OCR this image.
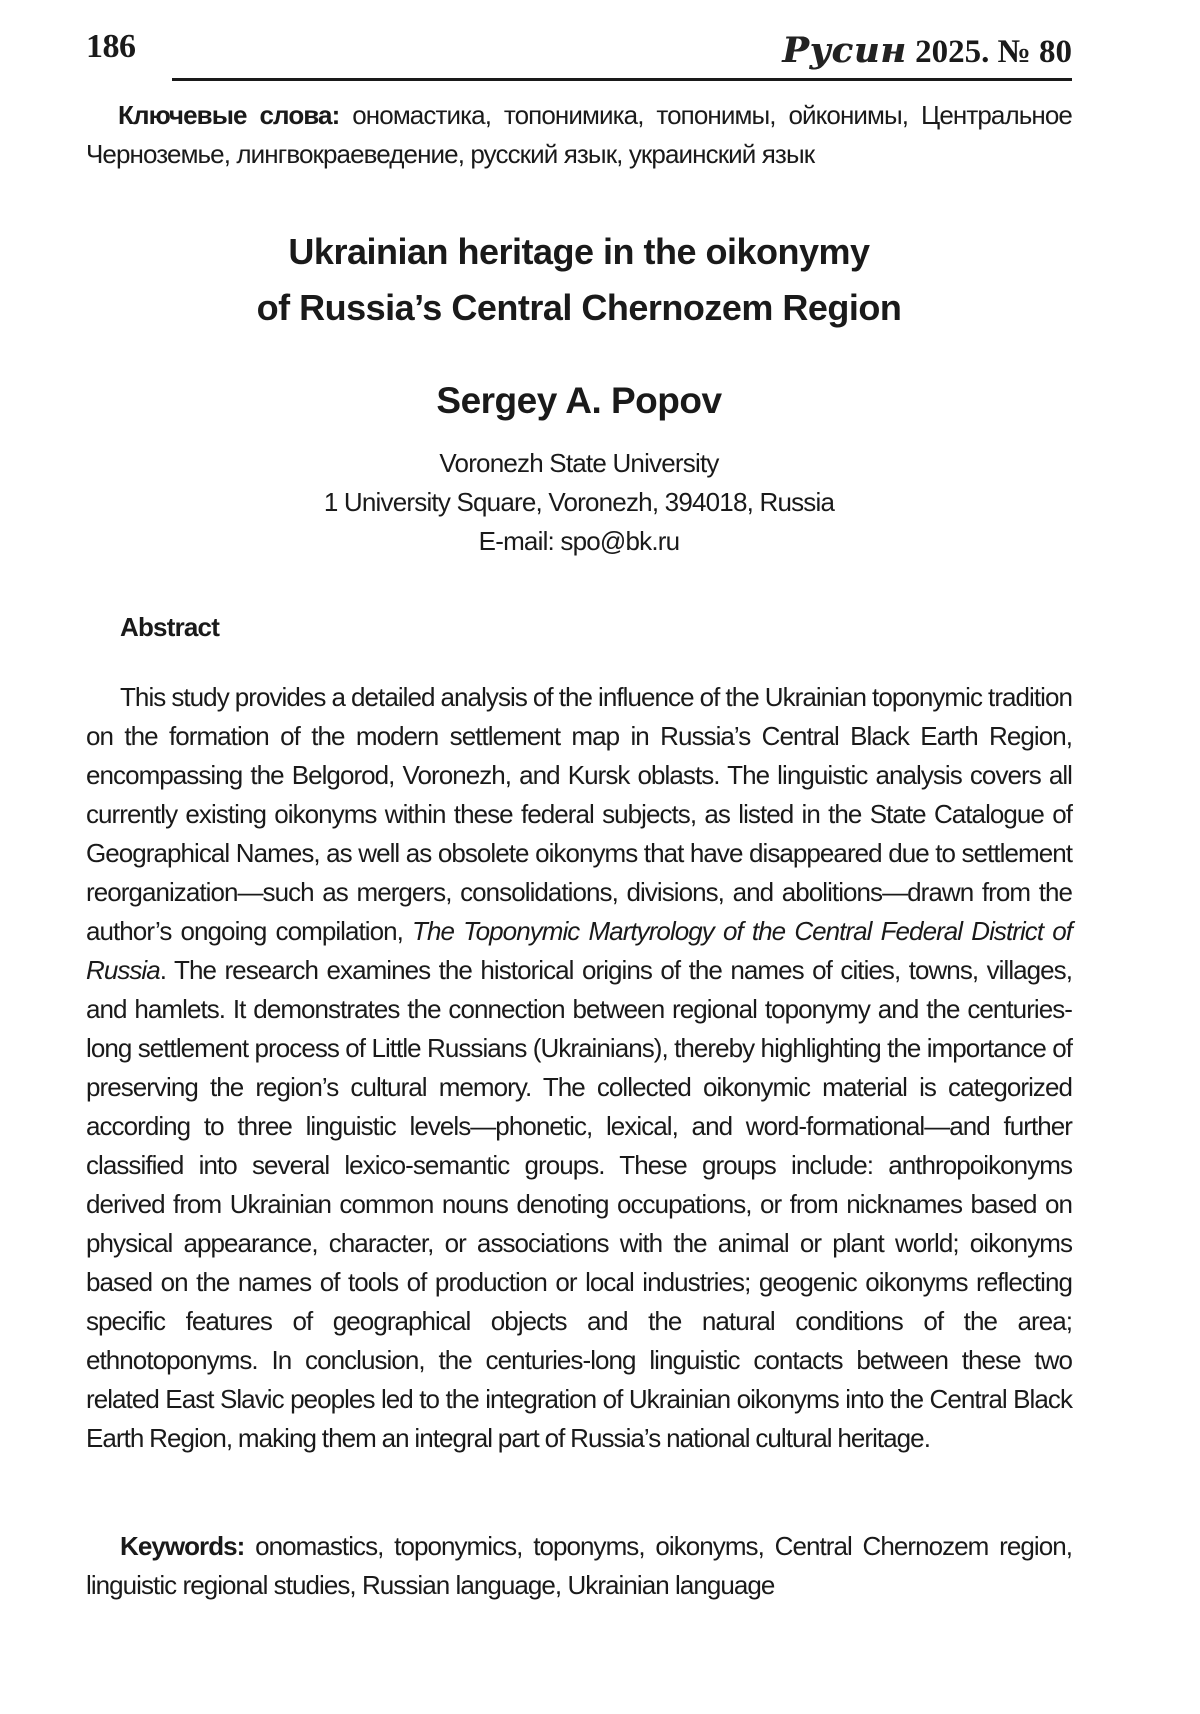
186	Русин 2025. № 80

Ключевые слова: ономастика, топонимика, топонимы, ойконимы, Центральное Черноземье, лингвокраеведение, русский язык, украинский язык

Ukrainian heritage in the oikonymy
of Russia’s Central Chernozem Region
Sergey A. Popov
Voronezh State University
1 University Square, Voronezh, 394018, Russia
E-mail: spo@bk.ru
Abstract

This study provides a detailed analysis of the influence of the Ukrainian toponymic tradition on the formation of the modern settlement map in Russia’s Central Black Earth Region, encompassing the Belgorod, Voronezh, and Kursk oblasts. The linguistic analysis covers all currently existing oikonyms within these federal subjects, as listed in the State Catalogue of Geographical Names, as well as obsolete oikonyms that have disappeared due to settlement reorganization—such as mergers, consolidations, divisions, and abolitions—drawn from the author’s ongoing compilation, The Toponymic Martyrology of the Central Federal District of Russia. The research examines the historical origins of the names of cities, towns, villages, and hamlets. It demonstrates the connection between regional toponymy and the centuries-long settlement process of Little Russians (Ukrainians), thereby highlighting the importance of preserving the region’s cultural memory. The collected oikonymic material is categorized according to three linguistic levels—phonetic, lexical, and word-formational—and further classified into several lexico-semantic groups. These groups include: anthropoikonyms derived from Ukrainian common nouns denoting occupations, or from nicknames based on physical appearance, character, or associations with the animal or plant world; oikonyms based on the names of tools of production or local industries; geogenic oikonyms reflecting specific features of geographical objects and the natural conditions of the area; ethnotoponyms. In conclusion, the centuries-long linguistic contacts between these two related East Slavic peoples led to the integration of Ukrainian oikonyms into the Central Black Earth Region, making them an integral part of Russia’s national cultural heritage.

Keywords: onomastics, toponymics, toponyms, oikonyms, Central Chernozem region, linguistic regional studies, Russian language, Ukrainian language
